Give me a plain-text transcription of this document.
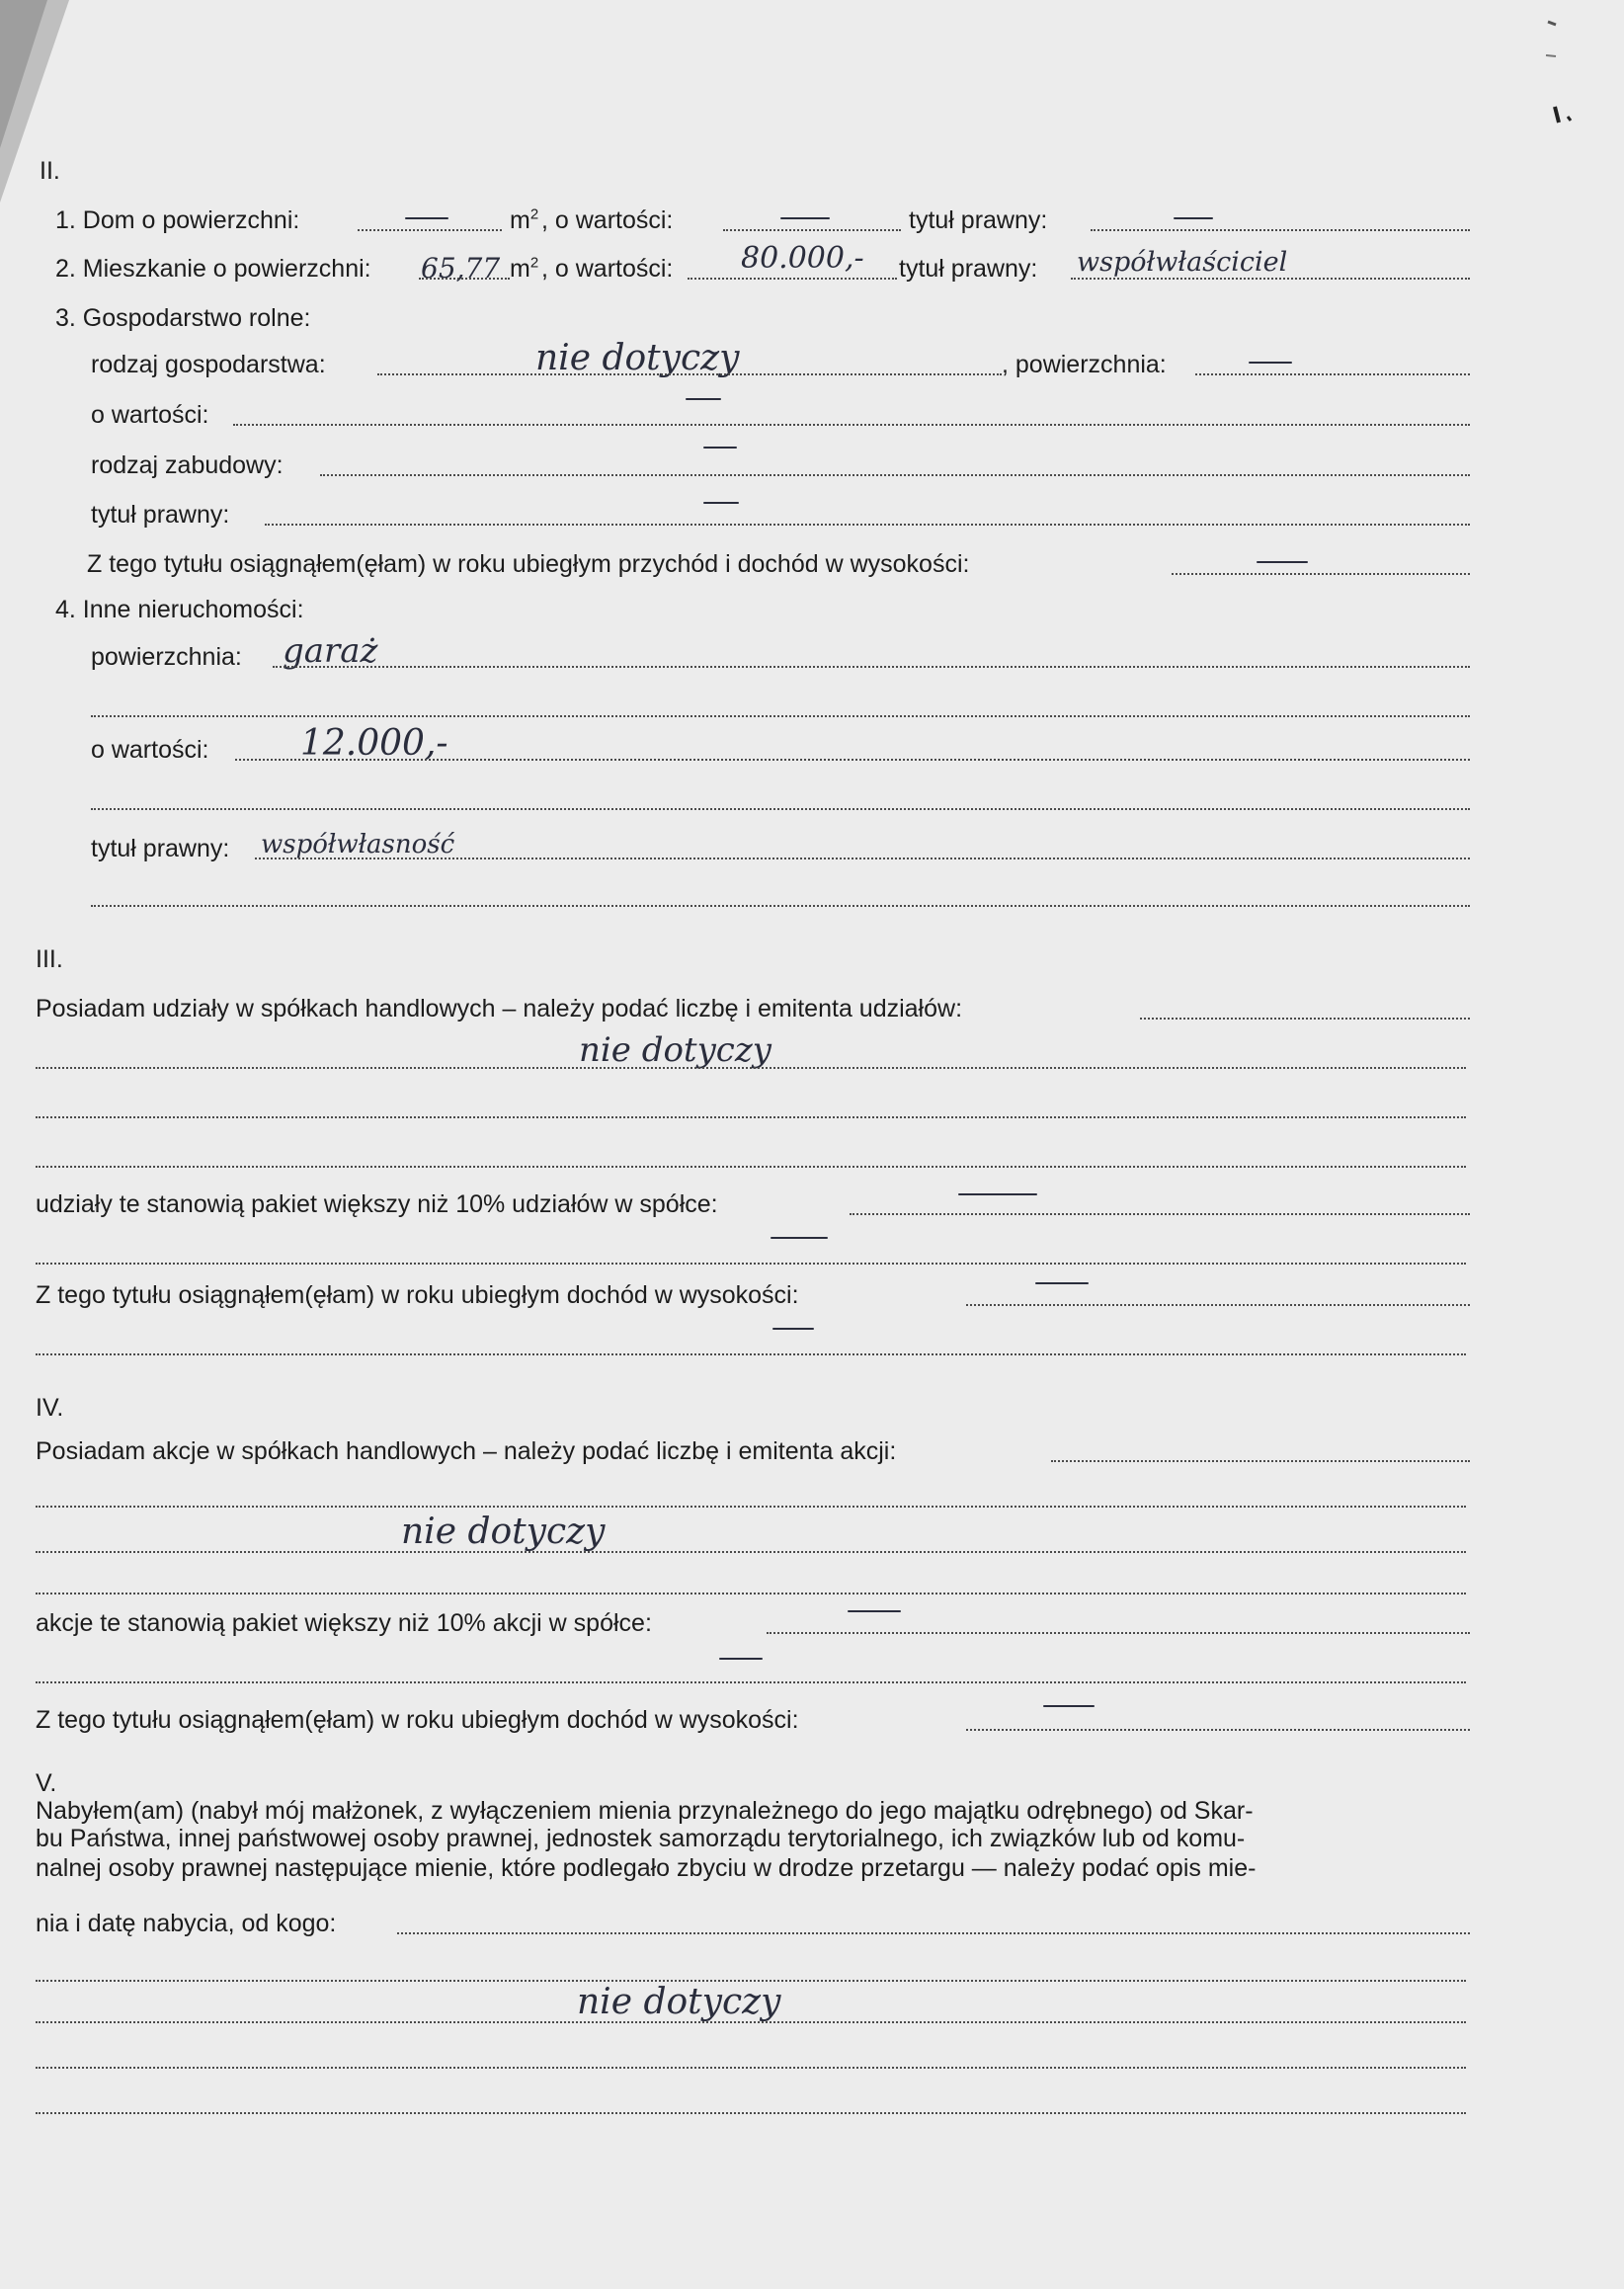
II.
1. Dom o powierzchni:	$m^2$ , o wartości:	tytuł prawny:
2. Mieszkanie o powierzchni: 65,77 $m^2$ , o wartości: 80.000,- tytuł prawny: współwłaściciel
3. Gospodarstwo rolne:
rodzaj gospodarstwa:	nie dotyczy	, powierzchnia:
o wartości:
rodzaj zabudowy:
tytuł prawny:
Z tego tytułu osiągnąłem(ęłam) w roku ubiegłym przychód i dochód w wysokości:
4. Inne nieruchomości:
powierzchnia: garaż
o wartości:	12.000,-
tytuł prawny: współwłasność
III.
Posiadam udziały w spółkach handlowych – należy podać liczbę i emitenta udziałów:
nie dotyczy
udziały te stanowią pakiet większy niż 10% udziałów w spółce:
Z tego tytułu osiągnąłem(ęłam) w roku ubiegłym dochód w wysokości:
IV.
Posiadam akcje w spółkach handlowych – należy podać liczbę i emitenta akcji:
nie dotyczy
akcje te stanowią pakiet większy niż 10% akcji w spółce:
Z tego tytułu osiągnąłem(ęłam) w roku ubiegłym dochód w wysokości:
V.
Nabyłem(am) (nabył mój małżonek, z wyłączeniem mienia przynależnego do jego majątku odrębnego) od Skar-
bu Państwa, innej państwowej osoby prawnej, jednostek samorządu terytorialnego, ich związków lub od komu-
nalnej osoby prawnej następujące mienie, które podlegało zbyciu w drodze przetargu — należy podać opis mie-
nia i datę nabycia, od kogo:
nie dotyczy
